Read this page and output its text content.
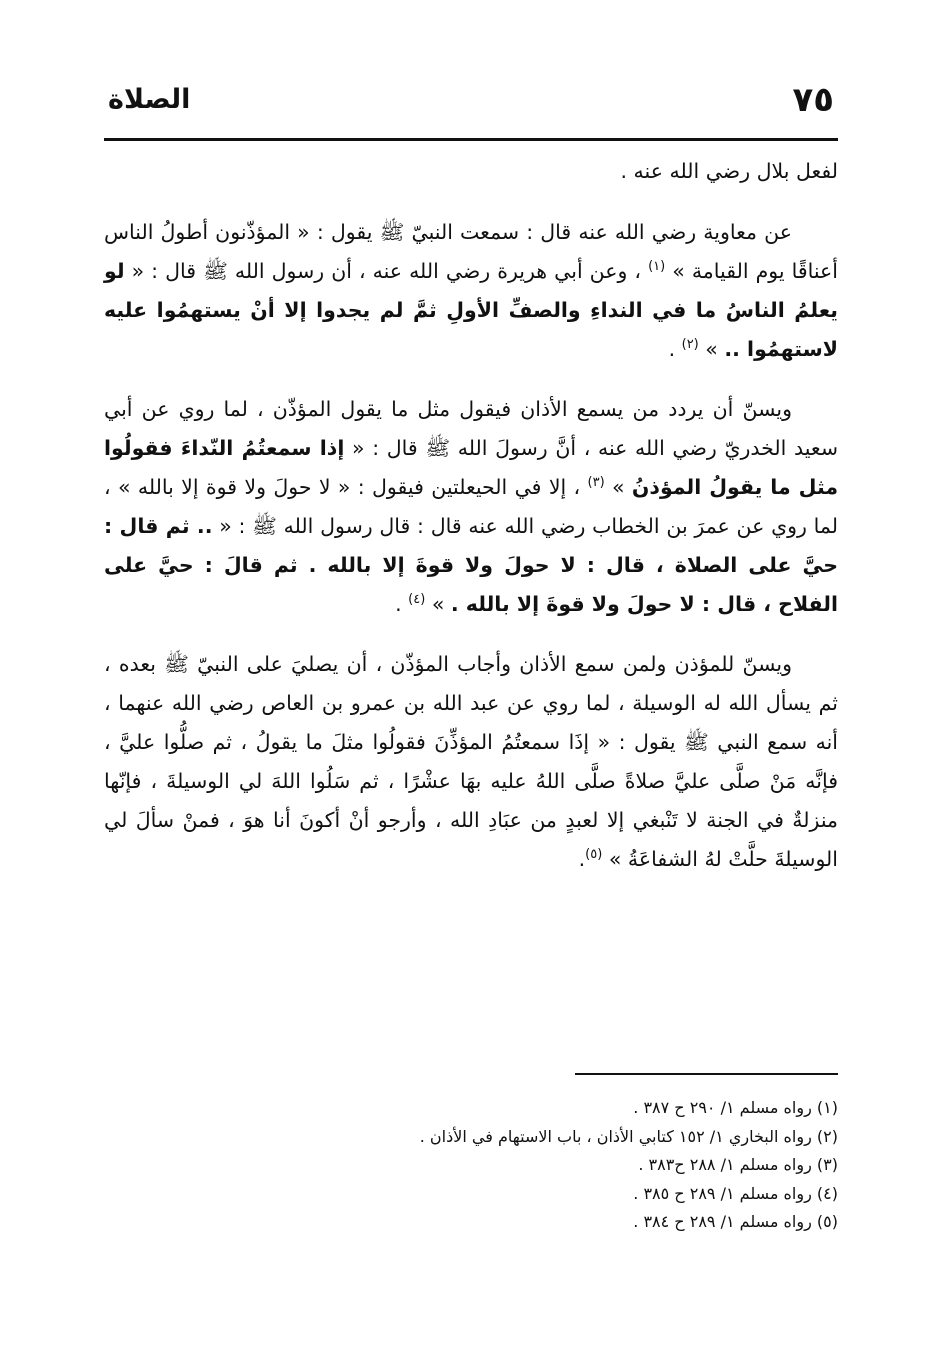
٧٥
الصلاة

لفعل بلال رضي الله عنه .

عن معاوية رضي الله عنه قال : سمعت النبيّ ﷺ يقول : « المؤذّنون أطولُ الناس أعناقًا يوم القيامة » $^{(١)}$ ، وعن أبي هريرة رضي الله عنه ، أن رسول الله ﷺ قال : « لو يعلمُ الناسُ ما في النداءِ والصفِّ الأولِ ثمَّ لم يجدوا إلا أنْ يستهمُوا عليه لاستهمُوا .. » $^{(٢)}$ .

ويسنّ أن يردد من يسمع الأذان فيقول مثل ما يقول المؤذّن ، لما روي عن أبي سعيد الخدريّ رضي الله عنه ، أنَّ رسولَ الله ﷺ قال : « إذا سمعتُمُ النّداءَ فقولُوا مثل ما يقولُ المؤذنُ » $^{(٣)}$ ، إلا في الحيعلتين فيقول : « لا حولَ ولا قوة إلا بالله » ، لما روي عن عمرَ بن الخطاب رضي الله عنه قال : قال رسول الله ﷺ : « .. ثم قال : حيَّ على الصلاة ، قال : لا حولَ ولا قوةَ إلا بالله . ثم قالَ : حيَّ على الفلاح ، قال : لا حولَ ولا قوةَ إلا بالله . » $^{(٤)}$ .

ويسنّ للمؤذن ولمن سمع الأذان وأجاب المؤذّن ، أن يصليَ على النبيّ ﷺ بعده ، ثم يسأل الله له الوسيلة ، لما روي عن عبد الله بن عمرو بن العاص رضي الله عنهما ، أنه سمع النبي ﷺ يقول : « إذَا سمعتُمُ المؤذِّنَ فقولُوا مثلَ ما يقولُ ، ثم صلُّوا عليَّ ، فإنَّه مَنْ صلَّى عليَّ صلاةً صلَّى اللهُ عليه بهَا عشْرًا ، ثم سَلُوا اللهَ لي الوسيلةَ ، فإنّها منزلةٌ في الجنة لا تَنْبغي إلا لعبدٍ من عبَادِ الله ، وأرجو أنْ أكونَ أنا هوَ ، فمنْ سألَ لي الوسيلةَ حلَّتْ لهُ الشفاعَةُ » $^{(٥)}$.

(١) رواه مسلم ١/ ٢٩٠ ح ٣٨٧ .

(٢) رواه البخاري ١/ ١٥٢ كتابي الأذان ، باب الاستهام في الأذان .

(٣) رواه مسلم ١/ ٢٨٨ ح٣٨٣ .

(٤) رواه مسلم ١/ ٢٨٩ ح ٣٨٥ .

(٥) رواه مسلم ١/ ٢٨٩ ح ٣٨٤ .
